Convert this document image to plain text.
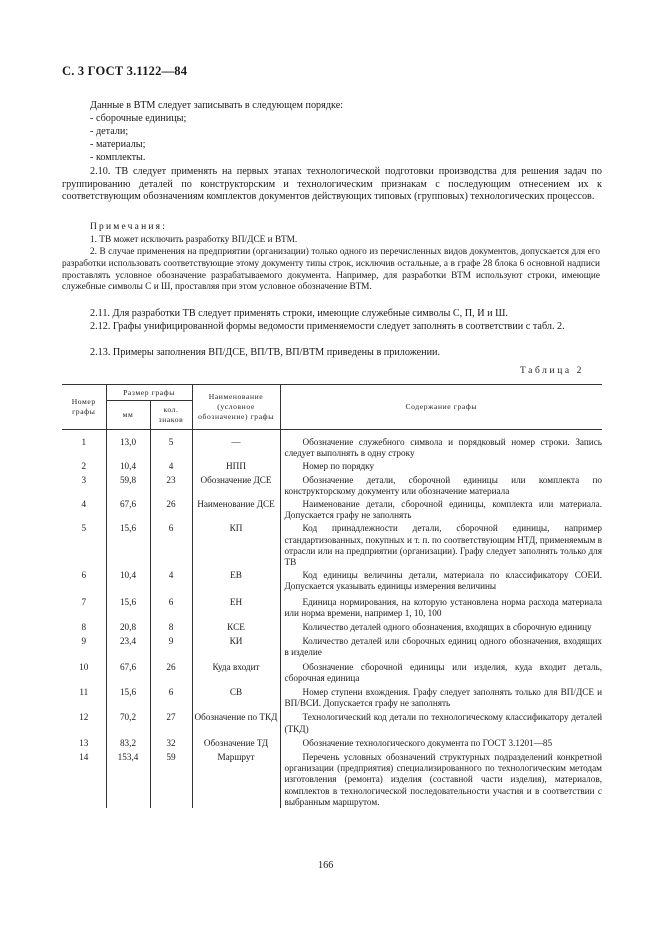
С. 3 ГОСТ 3.1122—84

Данные в ВТМ следует записывать в следующем порядке:

- сборочные единицы;

- детали;

- материалы;

- комплекты.

2.10. ТВ следует применять на первых этапах технологической подготовки производства для решения задач по группированию деталей по конструкторским и технологическим признакам с последующим отнесением их к соответствующим обозначениям комплектов документов действующих типовых (групповых) технологических процессов.

Примечания:

1. ТВ может исключить разработку ВП/ДСЕ и ВТМ.

2. В случае применения на предприятии (организации) только одного из перечисленных видов документов, допускается для его разработки использовать соответствующие этому документу типы строк, исключив остальные, а в графе 28 блока 6 основной надписи проставлять условное обозначение разрабатываемого документа. Например, для разработки ВТМ используют строки, имеющие служебные символы С и Ш, проставляя при этом условное обозначение ВТМ.

2.11. Для разработки ТВ следует применять строки, имеющие служебные символы С, П, И и Ш.

2.12. Графы унифицированной формы ведомости применяемости следует заполнять в соответствии с табл. 2.

2.13. Примеры заполнения ВП/ДСЕ, ВП/ТВ, ВП/ВТМ приведены в приложении.

Таблица 2
Номер графы	Размер графы		Наименование (условное обозначение) графы	Содержание графы
	мм	кол. знаков		
1	13,0	5	—	Обозначение служебного символа и порядковый номер строки. Запись следует выполнять в одну строку
2	10,4	4	НПП	Номер по порядку
3	59,8	23	Обозначение ДСЕ	Обозначение детали, сборочной единицы или комплекта по конструкторскому документу или обозначение материала
4	67,6	26	Наименование ДСЕ	Наименование детали, сборочной единицы, комплекта или материала. Допускается графу не заполнять
5	15,6	6	КП	Код принадлежности детали, сборочной единицы, например стандартизованных, покупных и т. п. по соответствующим НТД, применяемым в отрасли или на предприятии (организации). Графу следует заполнять только для ТВ
6	10,4	4	ЕВ	Код единицы величины детали, материала по классификатору СОЕИ. Допускается указывать единицы измерения величины
7	15,6	6	ЕН	Единица нормирования, на которую установлена норма расхода материала или норма времени, например 1, 10, 100
8	20,8	8	КСЕ	Количество деталей одного обозначения, входящих в сборочную единицу
9	23,4	9	КИ	Количество деталей или сборочных единиц одного обозначения, входящих в изделие
10	67,6	26	Куда входит	Обозначение сборочной единицы или изделия, куда входит деталь, сборочная единица
11	15,6	6	СВ	Номер ступени вхождения. Графу следует заполнять только для ВП/ДСЕ и ВП/ВСИ. Допускается графу не заполнять
12	70,2	27	Обозначение по ТКД	Технологический код детали по технологическому классификатору деталей (ТКД)
13	83,2	32	Обозначение ТД	Обозначение технологического документа по ГОСТ 3.1201—85
14	153,4	59	Маршрут	Перечень условных обозначений структурных подразделений конкретной организации (предприятия) специализированного по технологическим методам изготовления (ремонта) изделия (составной части изделия), материалов, комплектов в технологической последовательности участия и в соответствии с выбранным маршрутом.
166
